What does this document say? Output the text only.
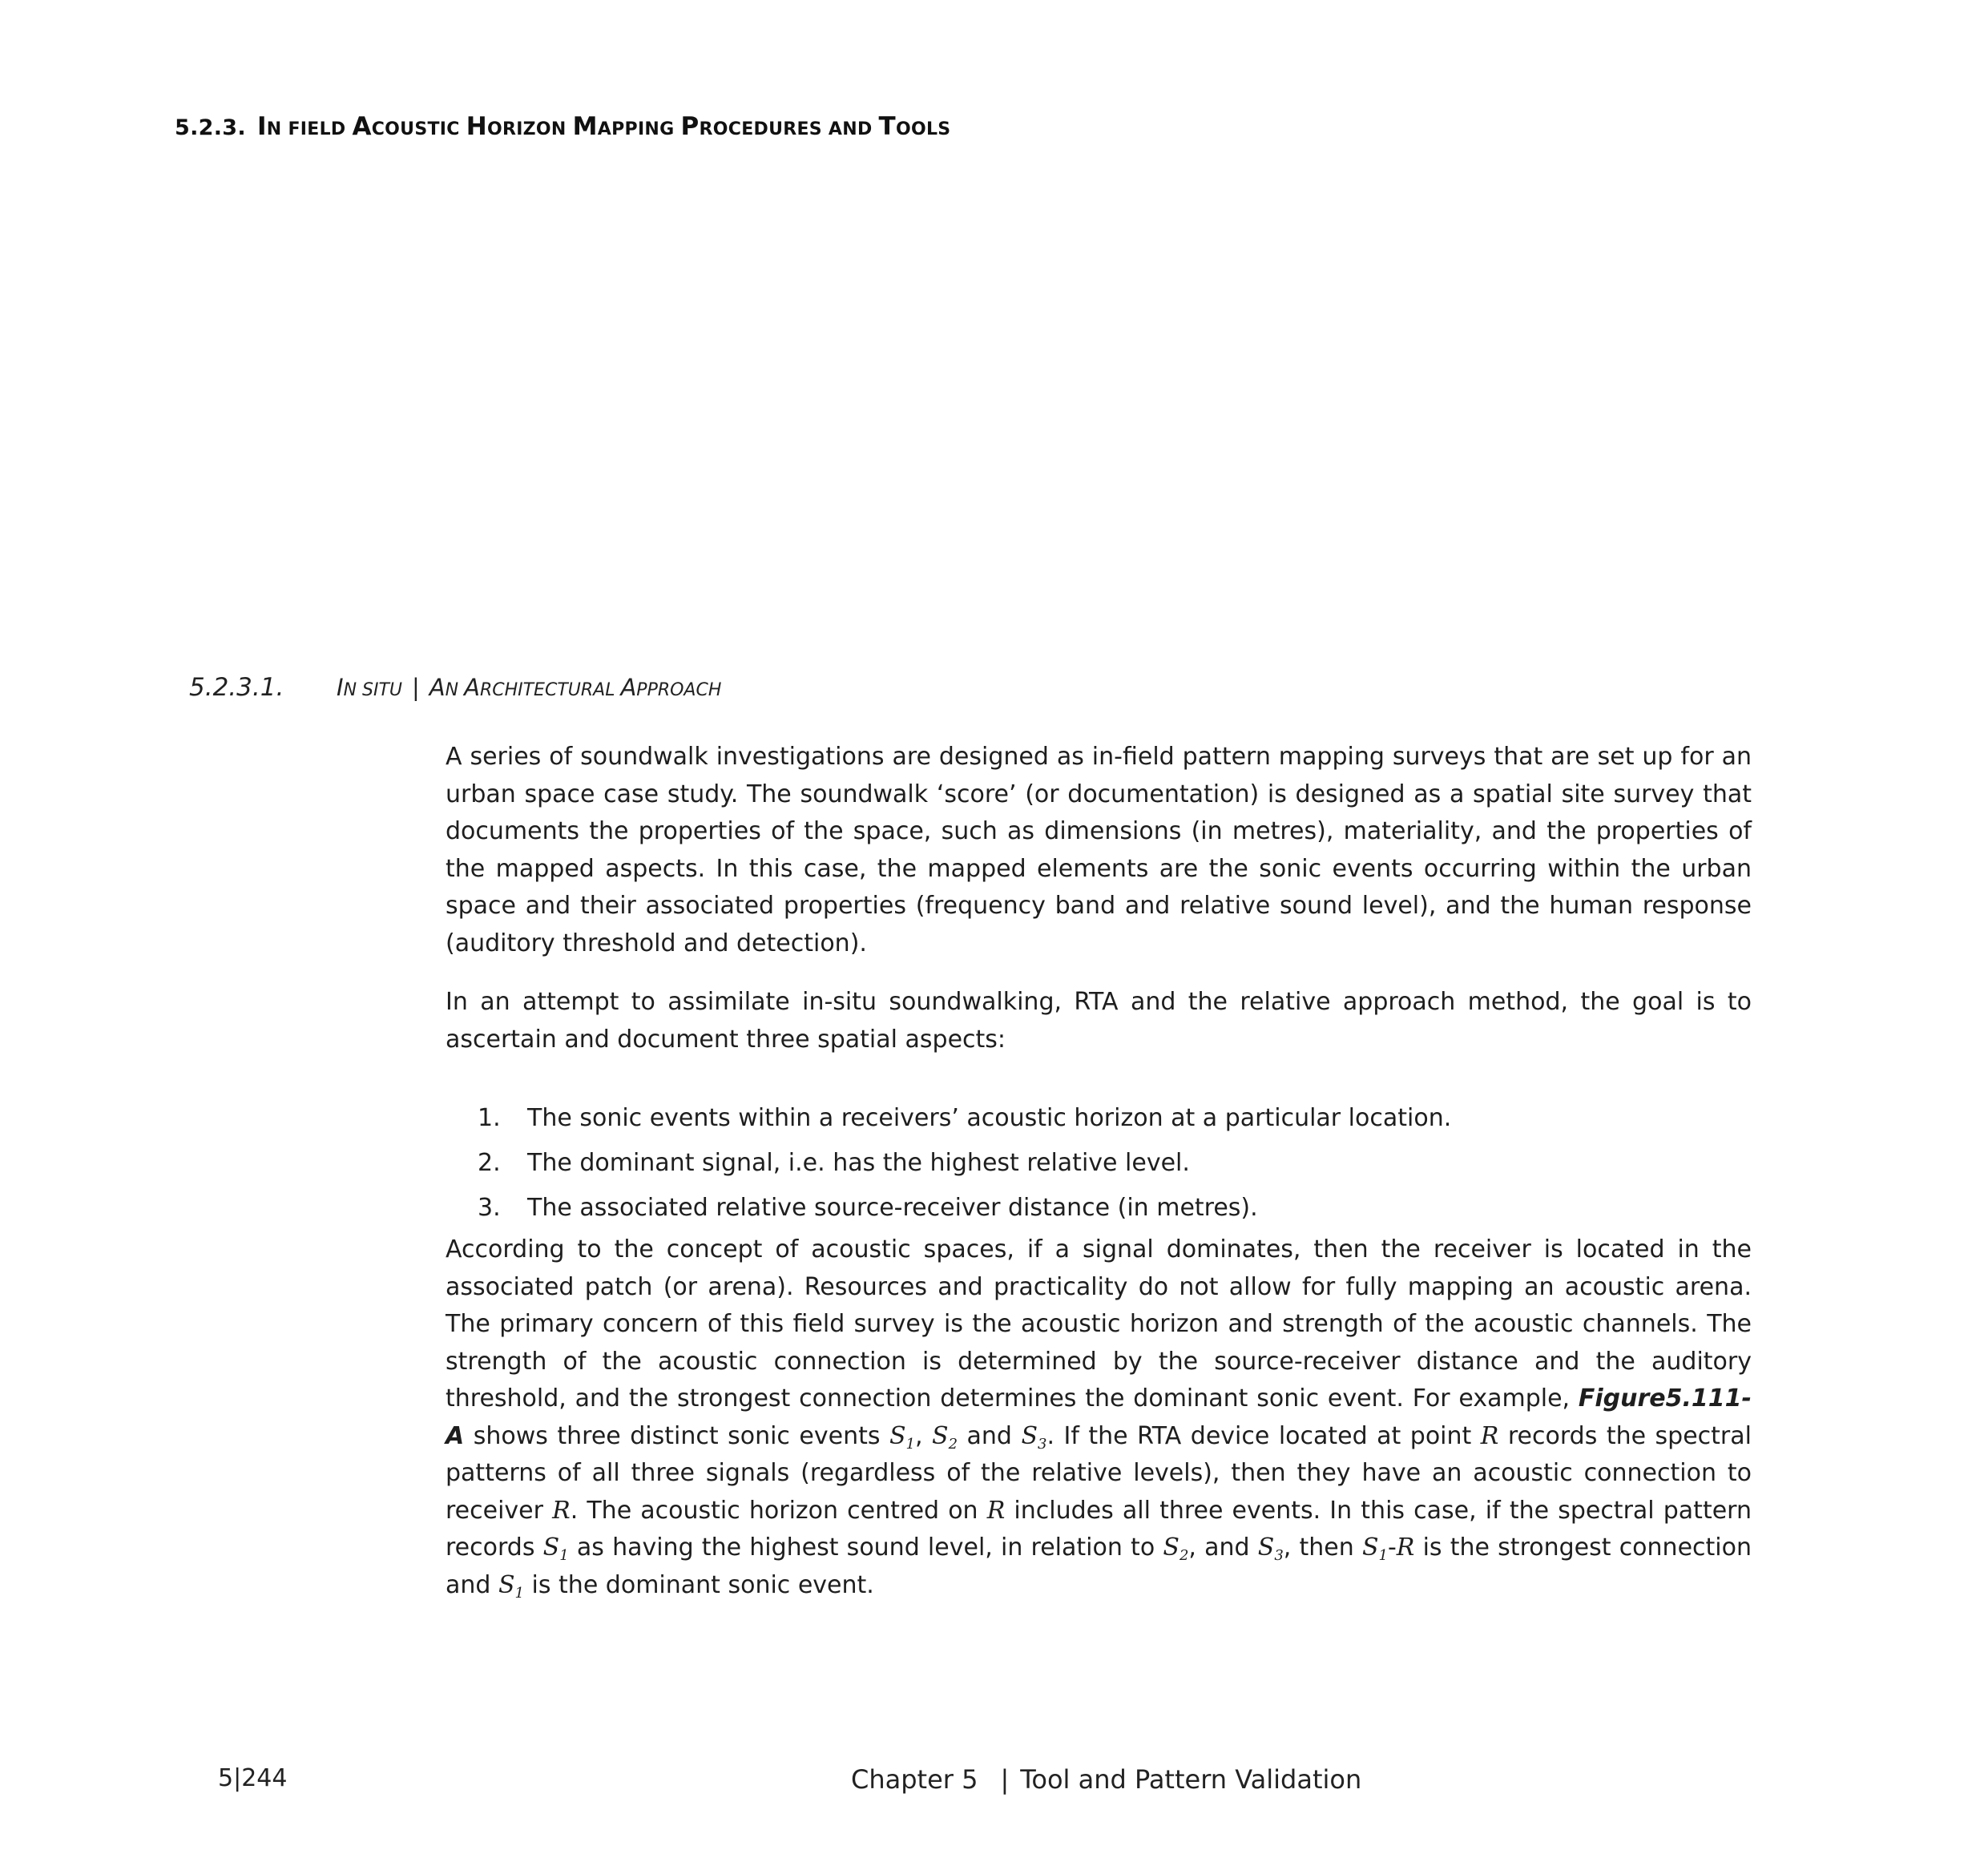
5.2.3. IN FIELD ACOUSTIC HORIZON MAPPING PROCEDURES AND TOOLS
5.2.3.1. IN SITU | AN ARCHITECTURAL APPROACH

A series of soundwalk investigations are designed as in-field pattern mapping surveys that are set up for an urban space case study. The soundwalk ‘score’ (or documentation) is designed as a spatial site survey that documents the properties of the space, such as dimensions (in metres), materiality, and the properties of the mapped aspects. In this case, the mapped elements are the sonic events occurring within the urban space and their associated properties (frequency band and relative sound level), and the human response (auditory threshold and detection).

In an attempt to assimilate in-situ soundwalking, RTA and the relative approach method, the goal is to ascertain and document three spatial aspects:

1. The sonic events within a receivers’ acoustic horizon at a particular location.
2. The dominant signal, i.e. has the highest relative level.
3. The associated relative source-receiver distance (in metres).

According to the concept of acoustic spaces, if a signal dominates, then the receiver is located in the associated patch (or arena). Resources and practicality do not allow for fully mapping an acoustic arena. The primary concern of this field survey is the acoustic horizon and strength of the acoustic channels. The strength of the acoustic connection is determined by the source-receiver distance and the auditory threshold, and the strongest connection determines the dominant sonic event. For example, Figure5.111-A shows three distinct sonic events $S_1$, $S_2$ and $S_3$. If the RTA device located at point R records the spectral patterns of all three signals (regardless of the relative levels), then they have an acoustic connection to receiver R. The acoustic horizon centred on R includes all three events. In this case, if the spectral pattern records $S_1$ as having the highest sound level, in relation to $S_2$, and $S_3$, then $S_1-R$ is the strongest connection and $S_1$ is the dominant sonic event.

5|244	Chapter 5 | Tool and Pattern Validation
